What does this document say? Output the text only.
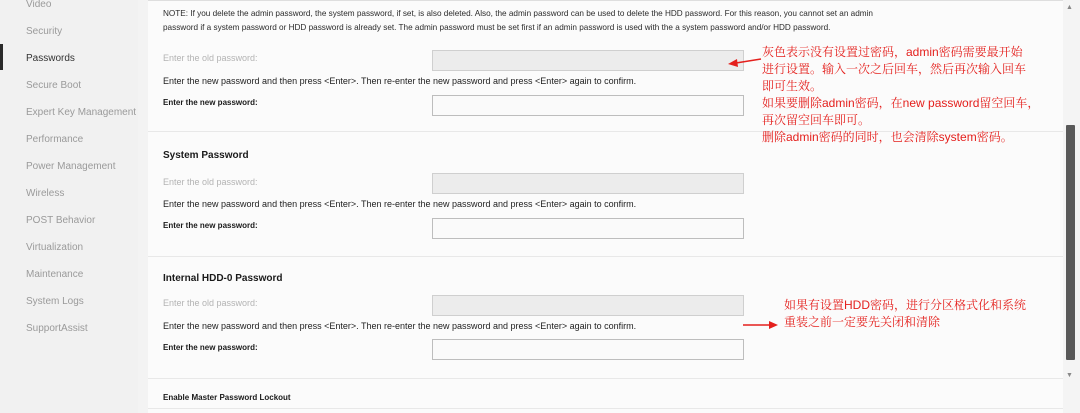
Video
Security
Passwords
Secure Boot
Expert Key Management
Performance
Power Management
Wireless
POST Behavior
Virtualization
Maintenance
System Logs
SupportAssist
NOTE: If you delete the admin password, the system password, if set, is also deleted. Also, the admin password can be used to delete the HDD password. For this reason, you cannot set an admin
password if a system password or HDD password is already set. The admin password must be set first if an admin password is used with the a system password and/or HDD password.
Enter the old password:
Enter the new password and then press <Enter>. Then re-enter the new password and press <Enter> again to confirm.
Enter the new password:
System Password
Enter the old password:
Enter the new password and then press <Enter>. Then re-enter the new password and press <Enter> again to confirm.
Enter the new password:
Internal HDD-0 Password
Enter the old password:
Enter the new password and then press <Enter>. Then re-enter the new password and press <Enter> again to confirm.
Enter the new password:
Enable Master Password Lockout
▲
▼
灰色表示没有设置过密码，admin密码需要最开始
进行设置。输入一次之后回车，然后再次输入回车
即可生效。
如果要删除admin密码，在new password留空回车，
再次留空回车即可。
删除admin密码的同时，也会清除system密码。
如果有设置HDD密码，进行分区格式化和系统
重装之前一定要先关闭和清除
